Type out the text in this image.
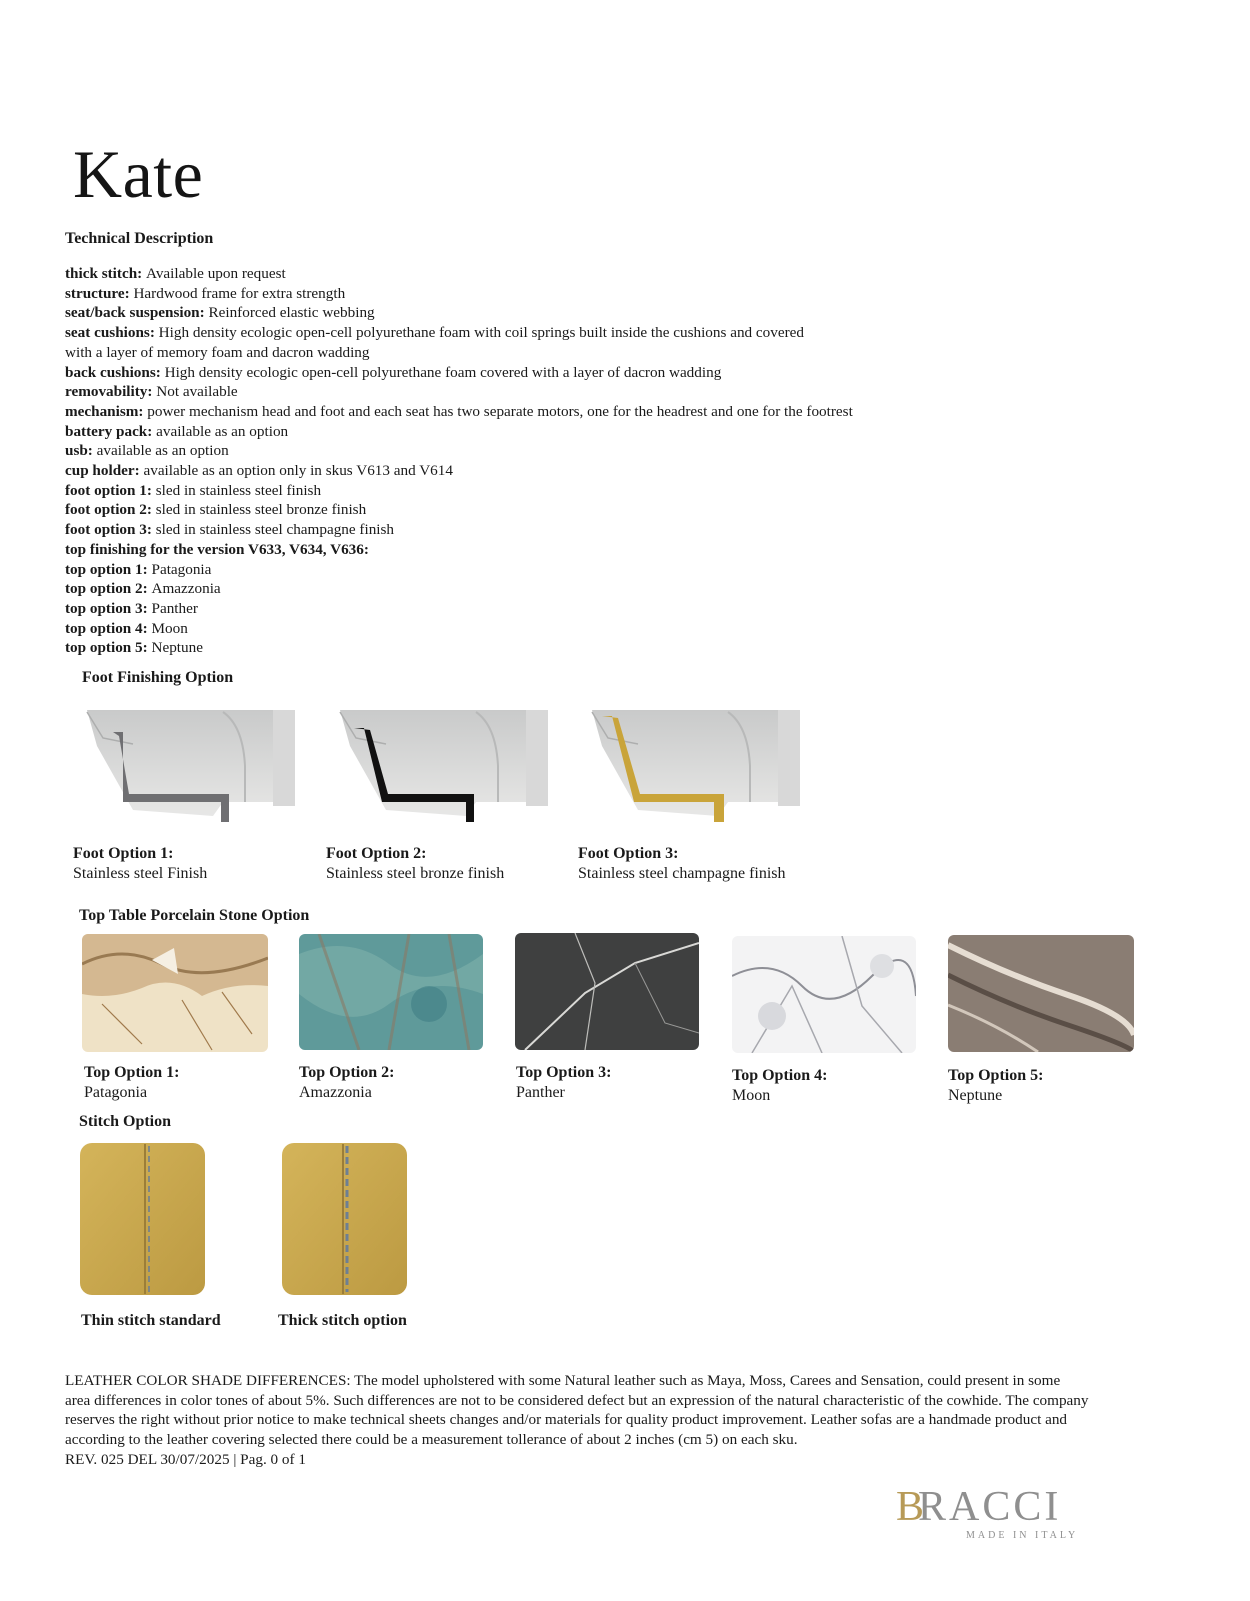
Kate
Technical Description
thick stitch: Available upon request
structure: Hardwood frame for extra strength
seat/back suspension: Reinforced elastic webbing
seat cushions: High density ecologic open-cell polyurethane foam with coil springs built inside the cushions and covered
with a layer of memory foam and dacron wadding
back cushions: High density ecologic open-cell polyurethane foam covered with a layer of dacron wadding
removability: Not available
mechanism: power mechanism head and foot and each seat has two separate motors, one for the headrest and one for the footrest
battery pack: available as an option
usb: available as an option
cup holder: available as an option only in skus V613 and V614
foot option 1: sled in stainless steel finish
foot option 2: sled in stainless steel bronze finish
foot option 3: sled in stainless steel champagne finish
top finishing for the version V633, V634, V636:
top option 1: Patagonia
top option 2: Amazzonia
top option 3: Panther
top option 4: Moon
top option 5: Neptune
Foot Finishing Option
Foot Option 1:
Stainless steel Finish
Foot Option 2:
Stainless steel bronze finish
Foot Option 3:
Stainless steel champagne finish
Top Table Porcelain Stone Option
Top Option 1:
Patagonia
Top Option 2:
Amazzonia
Top Option 3:
Panther
Top Option 4:
Moon
Top Option 5:
Neptune
Stitch Option
Thin stitch standard	Thick stitch option
LEATHER COLOR SHADE DIFFERENCES: The model upholstered with some Natural leather such as Maya, Moss, Carees and Sensation, could present in some
area differences in color tones of about 5%. Such differences are not to be considered defect but an expression of the natural characteristic of the cowhide. The company
reserves the right without prior notice to make technical sheets changes and/or materials for quality product improvement. Leather sofas are a handmade product and
according to the leather covering selected there could be a measurement tollerance of about 2 inches (cm 5) on each sku.
REV. 025 DEL 30/07/2025 | Pag. 0 of 1
B
RACCI
MADE IN ITALY
